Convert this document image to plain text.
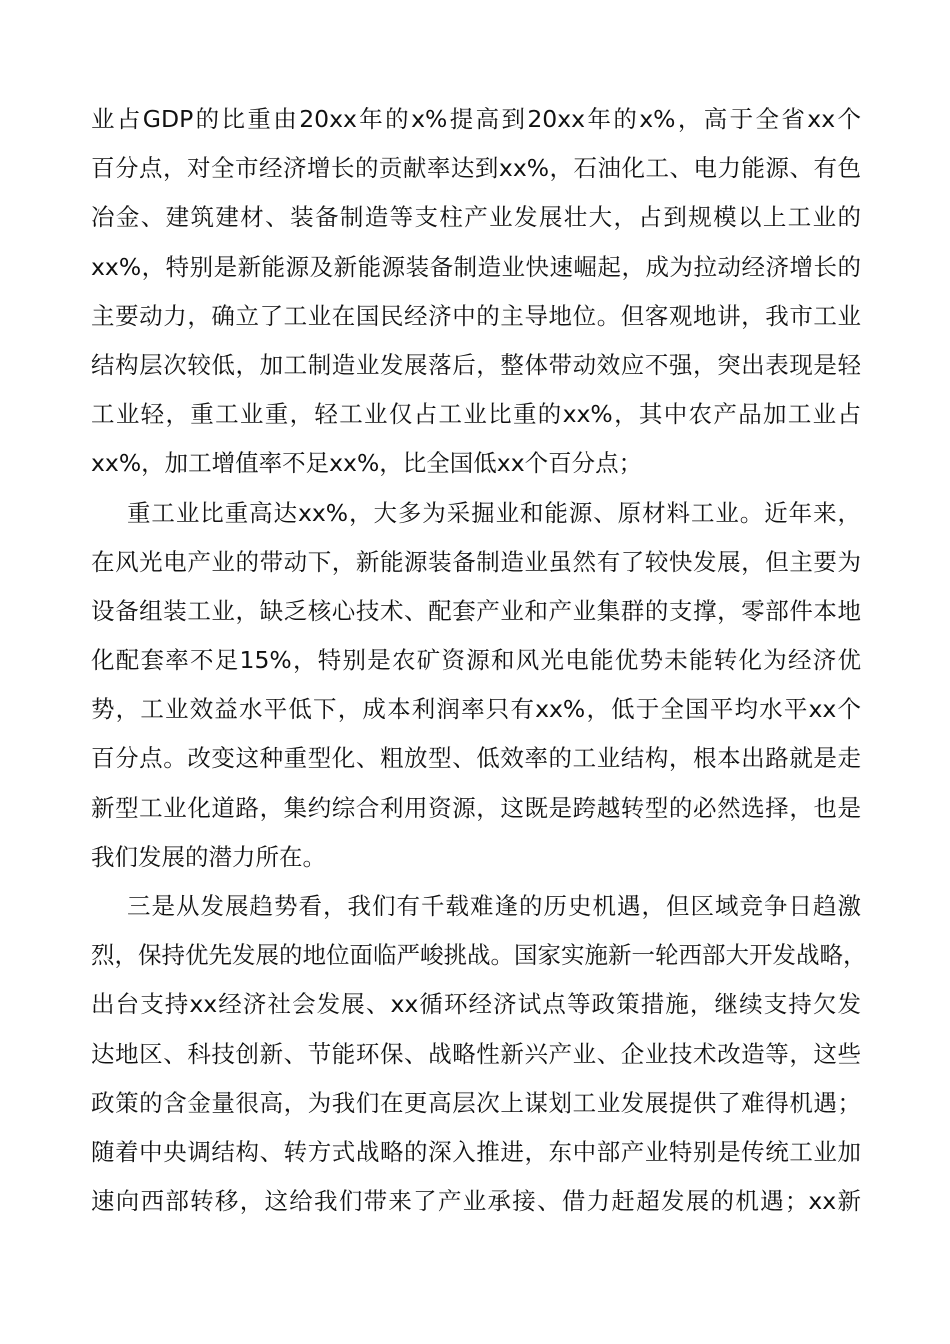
业占GDP的比重由20xx年的x%提高到20xx年的x%，高于全省xx个
百分点，对全市经济增长的贡献率达到xx%，石油化工、电力能源、有色
冶金、建筑建材、装备制造等支柱产业发展壮大，占到规模以上工业的
xx%，特别是新能源及新能源装备制造业快速崛起，成为拉动经济增长的
主要动力，确立了工业在国民经济中的主导地位。但客观地讲，我市工业
结构层次较低，加工制造业发展落后，整体带动效应不强，突出表现是轻
工业轻，重工业重，轻工业仅占工业比重的xx%，其中农产品加工业占
xx%，加工增值率不足xx%，比全国低xx个百分点；
重工业比重高达xx%，大多为采掘业和能源、原材料工业。近年来，
在风光电产业的带动下，新能源装备制造业虽然有了较快发展，但主要为
设备组装工业，缺乏核心技术、配套产业和产业集群的支撑，零部件本地
化配套率不足15%，特别是农矿资源和风光电能优势未能转化为经济优
势，工业效益水平低下，成本利润率只有xx%，低于全国平均水平xx个
百分点。改变这种重型化、粗放型、低效率的工业结构，根本出路就是走
新型工业化道路，集约综合利用资源，这既是跨越转型的必然选择，也是
我们发展的潜力所在。
三是从发展趋势看，我们有千载难逢的历史机遇，但区域竞争日趋激
烈，保持优先发展的地位面临严峻挑战。国家实施新一轮西部大开发战略，
出台支持xx经济社会发展、xx循环经济试点等政策措施，继续支持欠发
达地区、科技创新、节能环保、战略性新兴产业、企业技术改造等，这些
政策的含金量很高，为我们在更高层次上谋划工业发展提供了难得机遇；
随着中央调结构、转方式战略的深入推进，东中部产业特别是传统工业加
速向西部转移，这给我们带来了产业承接、借力赶超发展的机遇；xx新
